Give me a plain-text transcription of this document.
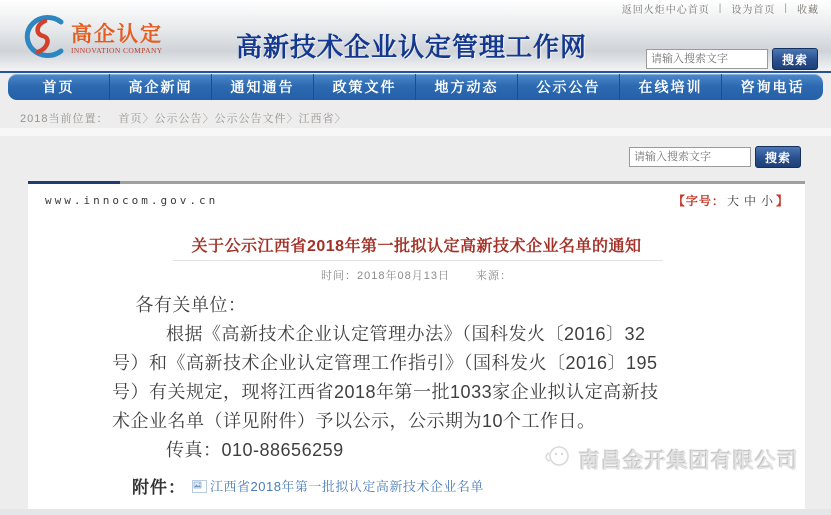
返回火炬中心首页 | 设为首页 | 收藏
高企认定
INNOVATION COMPANY	高新技术企业认定管理工作网
请输入搜索文字	搜索
首页	高企新闻	通知通告	政策文件	地方动态	公示公告	在线培训	咨询电话
2018当前位置： 首页〉公示公告〉公示公告文件〉江西省〉
请输入搜索文字
搜索
www.innocom.gov.cn	【字号： 大 中 小 】
关于公示江西省2018年第一批拟认定高新技术企业名单的通知
时间：2018年08月13日 来源：

各有关单位：

根据《高新技术企业认定管理办法》（国科发火〔2016〕32号）和《高新技术企业认定管理工作指引》（国科发火〔2016〕195号）有关规定，现将江西省2018年第一批1033家企业拟认定高新技术企业名单（详见附件）予以公示，公示期为10个工作日。

传真：010-88656259

附件： 江西省2018年第一批拟认定高新技术企业名单
南昌金开集团有限公司
